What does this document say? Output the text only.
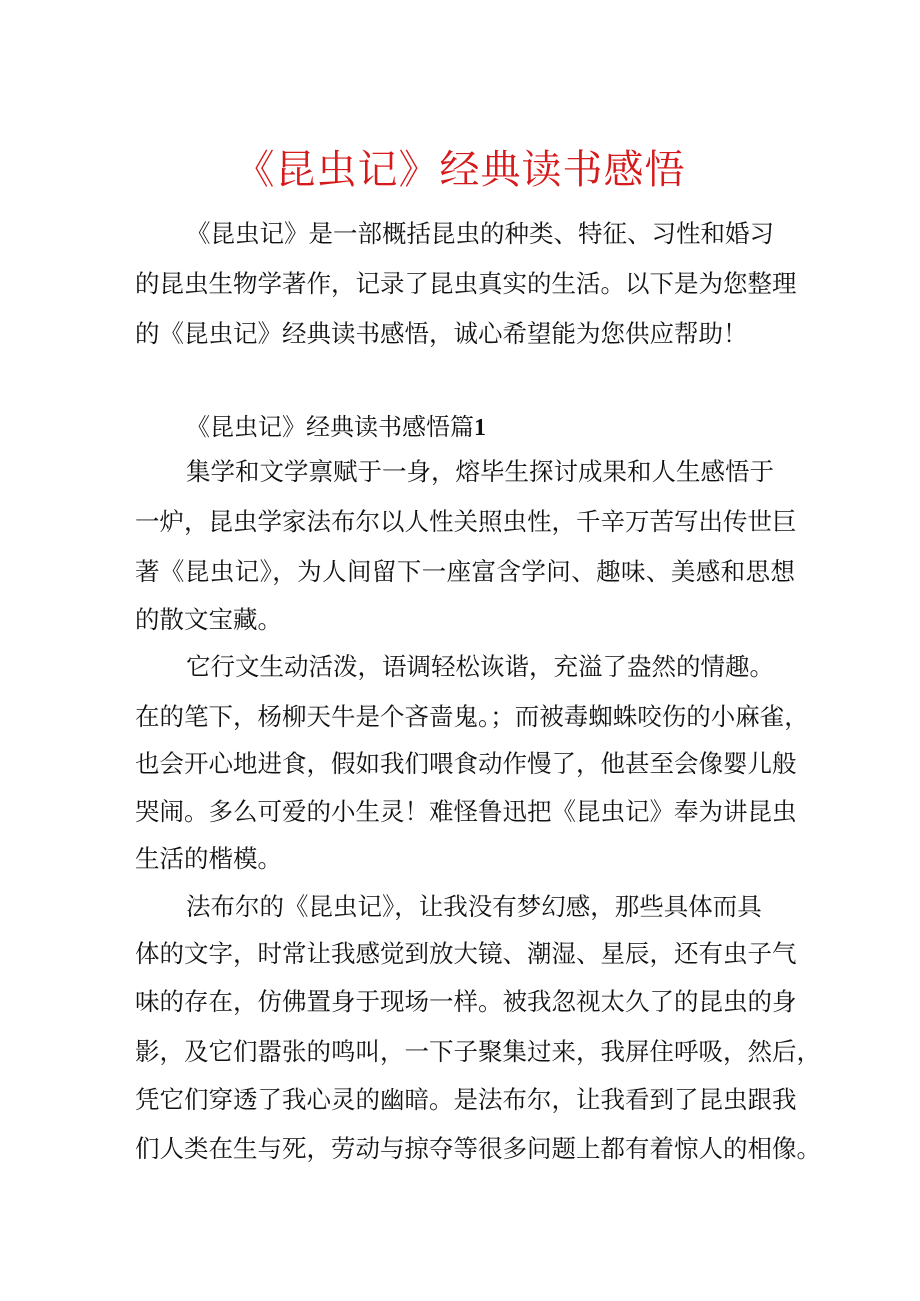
《昆虫记》经典读书感悟
《昆虫记》是一部概括昆虫的种类、特征、习性和婚习
的昆虫生物学著作，记录了昆虫真实的生活。以下是为您整理
的《昆虫记》经典读书感悟，诚心希望能为您供应帮助！
《昆虫记》经典读书感悟篇1
集学和文学禀赋于一身，熔毕生探讨成果和人生感悟于
一炉，昆虫学家法布尔以人性关照虫性，千辛万苦写出传世巨
著《昆虫记》，为人间留下一座富含学问、趣味、美感和思想
的散文宝藏。
它行文生动活泼，语调轻松诙谐，充溢了盎然的情趣。
在的笔下，杨柳天牛是个吝啬鬼。；而被毒蜘蛛咬伤的小麻雀，
也会开心地进食，假如我们喂食动作慢了，他甚至会像婴儿般
哭闹。多么可爱的小生灵！难怪鲁迅把《昆虫记》奉为讲昆虫
生活的楷模。
法布尔的《昆虫记》，让我没有梦幻感，那些具体而具
体的文字，时常让我感觉到放大镜、潮湿、星辰，还有虫子气
味的存在，仿佛置身于现场一样。被我忽视太久了的昆虫的身
影，及它们嚣张的鸣叫，一下子聚集过来，我屏住呼吸，然后，
凭它们穿透了我心灵的幽暗。是法布尔，让我看到了昆虫跟我
们人类在生与死，劳动与掠夺等很多问题上都有着惊人的相像。
